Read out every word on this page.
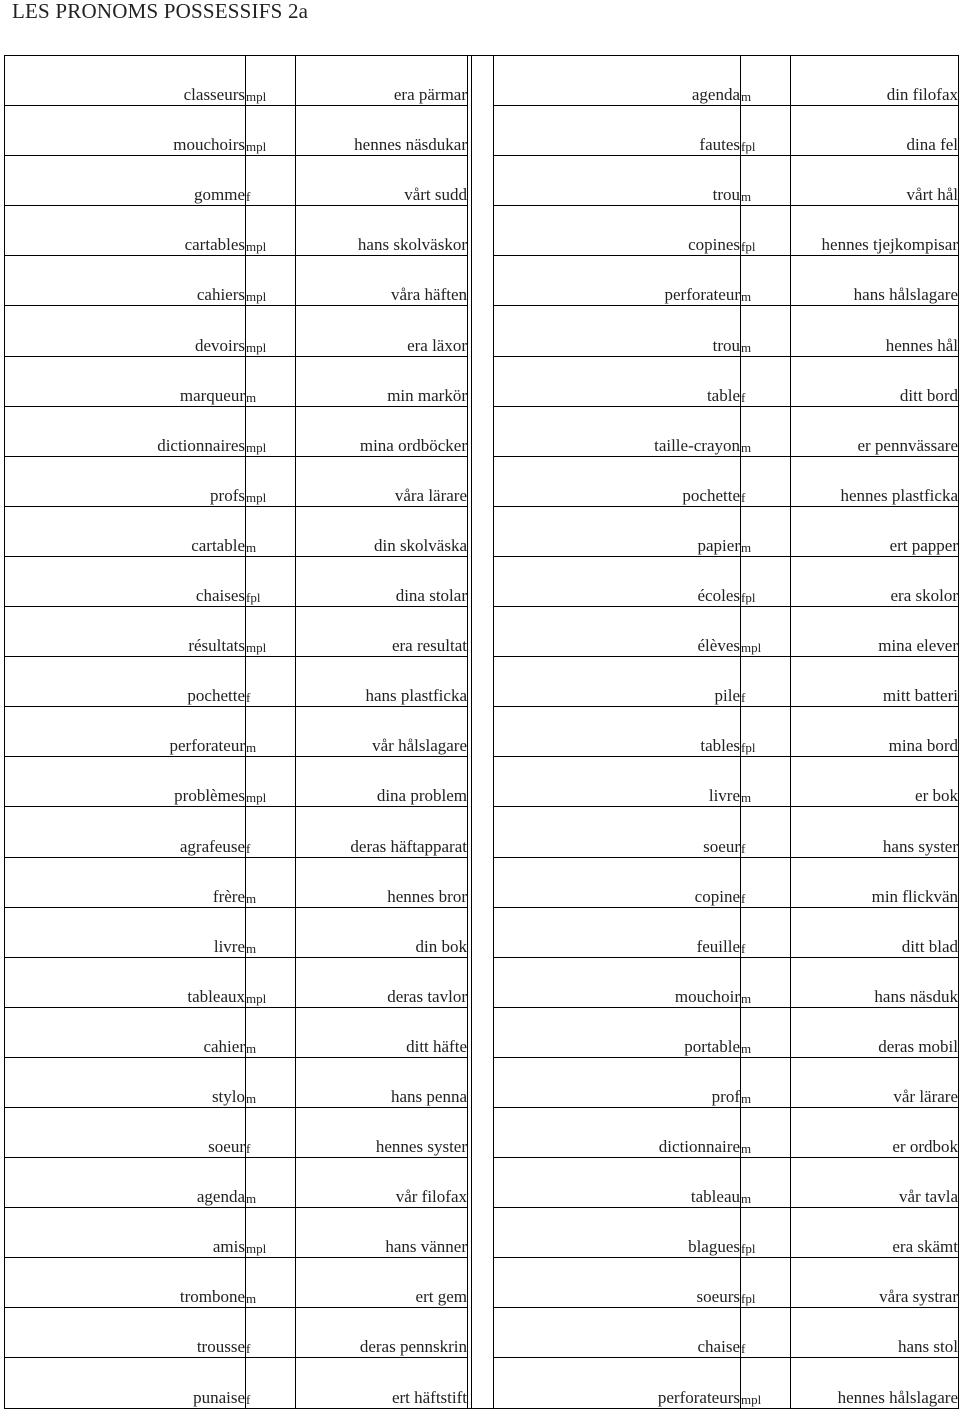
LES PRONOMS POSSESSIFS 2a
classeurs	mpl	era pärmar			agenda	m	din filofax
mouchoirs	mpl	hennes näsdukar			fautes	fpl	dina fel
gomme	f	vårt sudd			trou	m	vårt hål
cartables	mpl	hans skolväskor			copines	fpl	hennes tjejkompisar
cahiers	mpl	våra häften			perforateur	m	hans hålslagare
devoirs	mpl	era läxor			trou	m	hennes hål
marqueur	m	min markör			table	f	ditt bord
dictionnaires	mpl	mina ordböcker			taille-crayon	m	er pennvässare
profs	mpl	våra lärare			pochette	f	hennes plastficka
cartable	m	din skolväska			papier	m	ert papper
chaises	fpl	dina stolar			écoles	fpl	era skolor
résultats	mpl	era resultat			élèves	mpl	mina elever
pochette	f	hans plastficka			pile	f	mitt batteri
perforateur	m	vår hålslagare			tables	fpl	mina bord
problèmes	mpl	dina problem			livre	m	er bok
agrafeuse	f	deras häftapparat			soeur	f	hans syster
frère	m	hennes bror			copine	f	min flickvän
livre	m	din bok			feuille	f	ditt blad
tableaux	mpl	deras tavlor			mouchoir	m	hans näsduk
cahier	m	ditt häfte			portable	m	deras mobil
stylo	m	hans penna			prof	m	vår lärare
soeur	f	hennes syster			dictionnaire	m	er ordbok
agenda	m	vår filofax			tableau	m	vår tavla
amis	mpl	hans vänner			blagues	fpl	era skämt
trombone	m	ert gem			soeurs	fpl	våra systrar
trousse	f	deras pennskrin			chaise	f	hans stol
punaise	f	ert häftstift			perforateurs	mpl	hennes hålslagare
